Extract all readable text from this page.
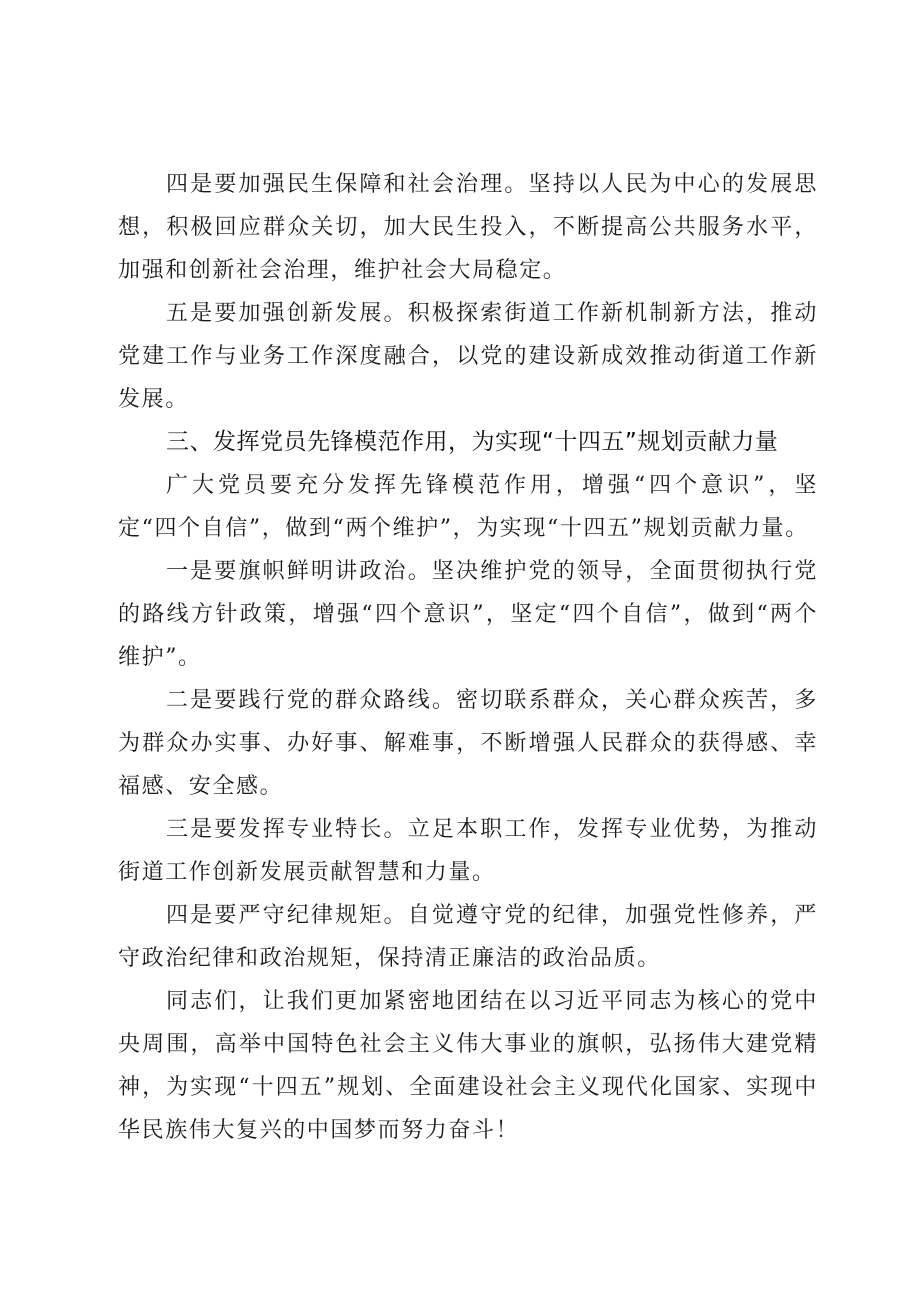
四是要加强民生保障和社会治理。坚持以人民为中心的发展思想，积极回应群众关切，加大民生投入，不断提高公共服务水平，加强和创新社会治理，维护社会大局稳定。

五是要加强创新发展。积极探索街道工作新机制新方法，推动党建工作与业务工作深度融合，以党的建设新成效推动街道工作新发展。

三、发挥党员先锋模范作用，为实现“十四五”规划贡献力量

广大党员要充分发挥先锋模范作用，增强“四个意识”，坚定“四个自信”，做到“两个维护”，为实现“十四五”规划贡献力量。

一是要旗帜鲜明讲政治。坚决维护党的领导，全面贯彻执行党的路线方针政策，增强“四个意识”，坚定“四个自信”，做到“两个维护”。

二是要践行党的群众路线。密切联系群众，关心群众疾苦，多为群众办实事、办好事、解难事，不断增强人民群众的获得感、幸福感、安全感。

三是要发挥专业特长。立足本职工作，发挥专业优势，为推动街道工作创新发展贡献智慧和力量。

四是要严守纪律规矩。自觉遵守党的纪律，加强党性修养，严守政治纪律和政治规矩，保持清正廉洁的政治品质。

同志们，让我们更加紧密地团结在以习近平同志为核心的党中央周围，高举中国特色社会主义伟大事业的旗帜，弘扬伟大建党精神，为实现“十四五”规划、全面建设社会主义现代化国家、实现中华民族伟大复兴的中国梦而努力奋斗！
